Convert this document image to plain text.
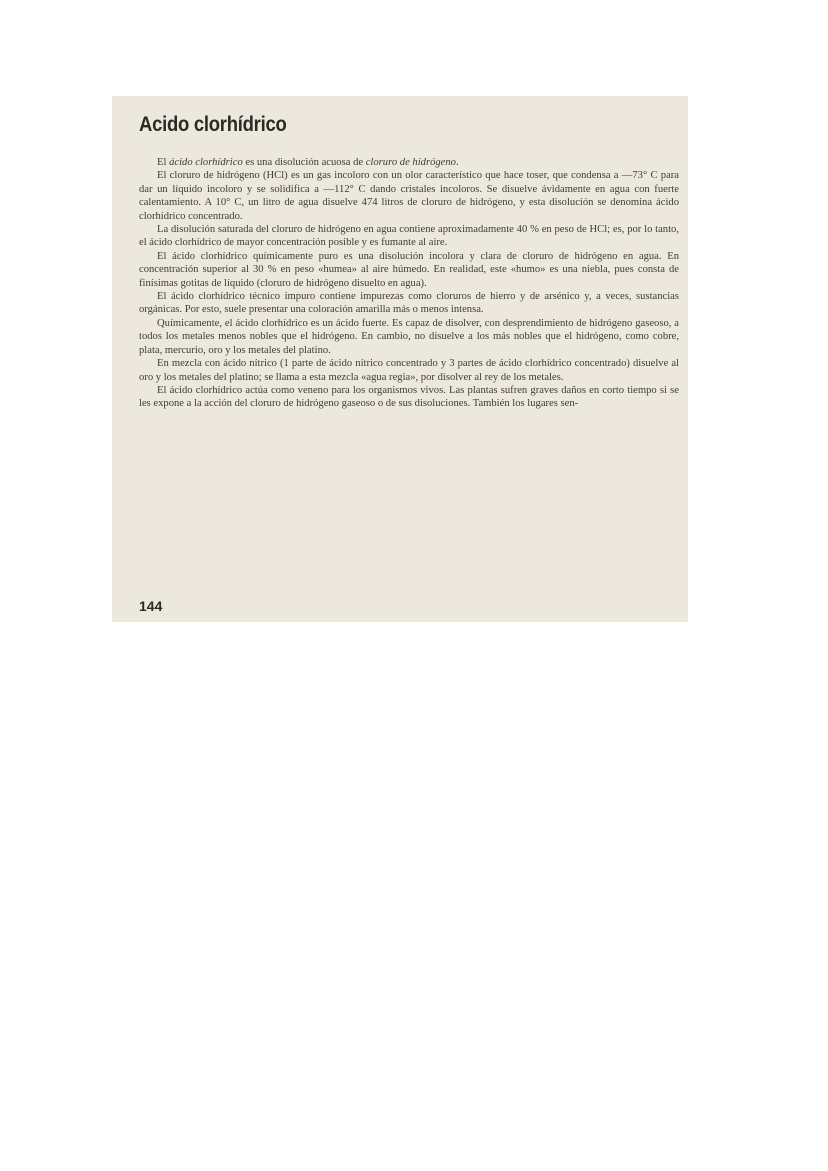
Acido clorhídrico

El ácido clorhídrico es una disolución acuosa de cloruro de hidrógeno.

El cloruro de hidrógeno (HCl) es un gas incoloro con un olor característico que hace toser, que condensa a —73° C para dar un líquido incoloro y se solidifica a —112° C dando cristales incoloros. Se disuelve ávidamente en agua con fuerte calentamiento. A 10° C, un litro de agua disuelve 474 litros de cloruro de hidrógeno, y esta disolución se denomina ácido clorhídrico concentrado.

La disolución saturada del cloruro de hidrógeno en agua contiene aproximadamente 40 % en peso de HCl; es, por lo tanto, el ácido clorhídrico de mayor concentración posible y es fumante al aire.

El ácido clorhídrico químicamente puro es una disolución incolora y clara de cloruro de hidrógeno en agua. En concentración superior al 30 % en peso «humea» al aire húmedo. En realidad, este «humo» es una niebla, pues consta de finísimas gotitas de líquido (cloruro de hidrógeno disuelto en agua).

El ácido clorhídrico técnico impuro contiene impurezas como cloruros de hierro y de arsénico y, a veces, sustancias orgánicas. Por esto, suele presentar una coloración amarilla más o menos intensa.

Químicamente, el ácido clorhídrico es un ácido fuerte. Es capaz de disolver, con desprendimiento de hidrógeno gaseoso, a todos los metales menos nobles que el hidrógeno. En cambio, no disuelve a los más nobles que el hidrógeno, como cobre, plata, mercurio, oro y los metales del platino.

En mezcla con ácido nítrico (1 parte de ácido nítrico concentrado y 3 partes de ácido clorhídrico concentrado) disuelve al oro y los metales del platino; se llama a esta mezcla «agua regia», por disolver al rey de los metales.

El ácido clorhídrico actúa como veneno para los organismos vivos. Las plantas sufren graves daños en corto tiempo si se les expone a la acción del cloruro de hidrógeno gaseoso o de sus disoluciones. También los lugares sen-

144
